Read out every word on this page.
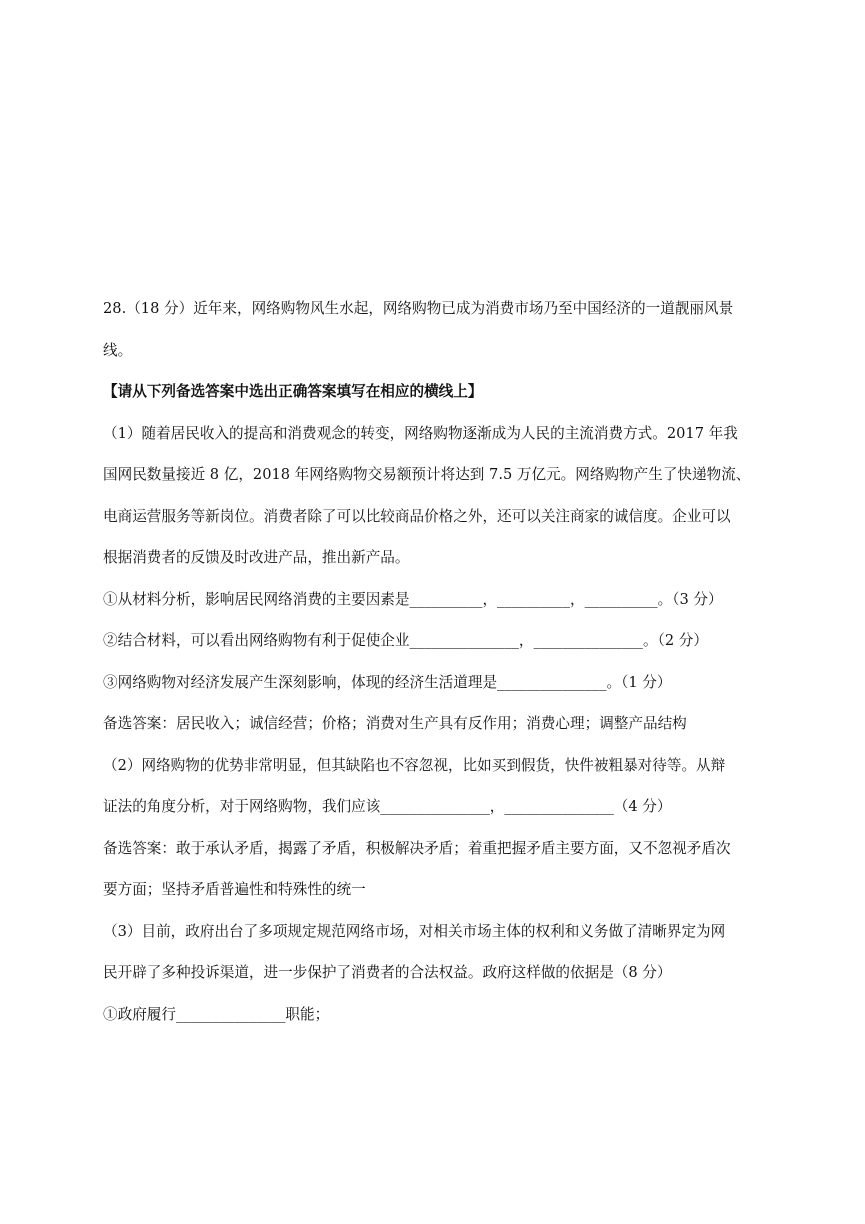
28.（18 分）近年来，网络购物风生水起，网络购物已成为消费市场乃至中国经济的一道靓丽风景
线。
【请从下列备选答案中选出正确答案填写在相应的横线上】
（1）随着居民收入的提高和消费观念的转变，网络购物逐渐成为人民的主流消费方式。2017 年我
国网民数量接近 8 亿，2018 年网络购物交易额预计将达到 7.5 万亿元。网络购物产生了快递物流、
电商运营服务等新岗位。消费者除了可以比较商品价格之外，还可以关注商家的诚信度。企业可以
根据消费者的反馈及时改进产品，推出新产品。
①从材料分析，影响居民网络消费的主要因素是__________，__________，__________。（3 分）
②结合材料，可以看出网络购物有利于促使企业_______________，_______________。（2 分）
③网络购物对经济发展产生深刻影响，体现的经济生活道理是_______________。（1 分）
备选答案：居民收入；诚信经营；价格；消费对生产具有反作用；消费心理；调整产品结构
（2）网络购物的优势非常明显，但其缺陷也不容忽视，比如买到假货，快件被粗暴对待等。从辩
证法的角度分析，对于网络购物，我们应该_______________，_______________（4 分）
备选答案：敢于承认矛盾，揭露了矛盾，积极解决矛盾；着重把握矛盾主要方面，又不忽视矛盾次
要方面；坚持矛盾普遍性和特殊性的统一
（3）目前，政府出台了多项规定规范网络市场，对相关市场主体的权利和义务做了清晰界定为网
民开辟了多种投诉渠道，进一步保护了消费者的合法权益。政府这样做的依据是（8 分）
①政府履行_______________职能；
